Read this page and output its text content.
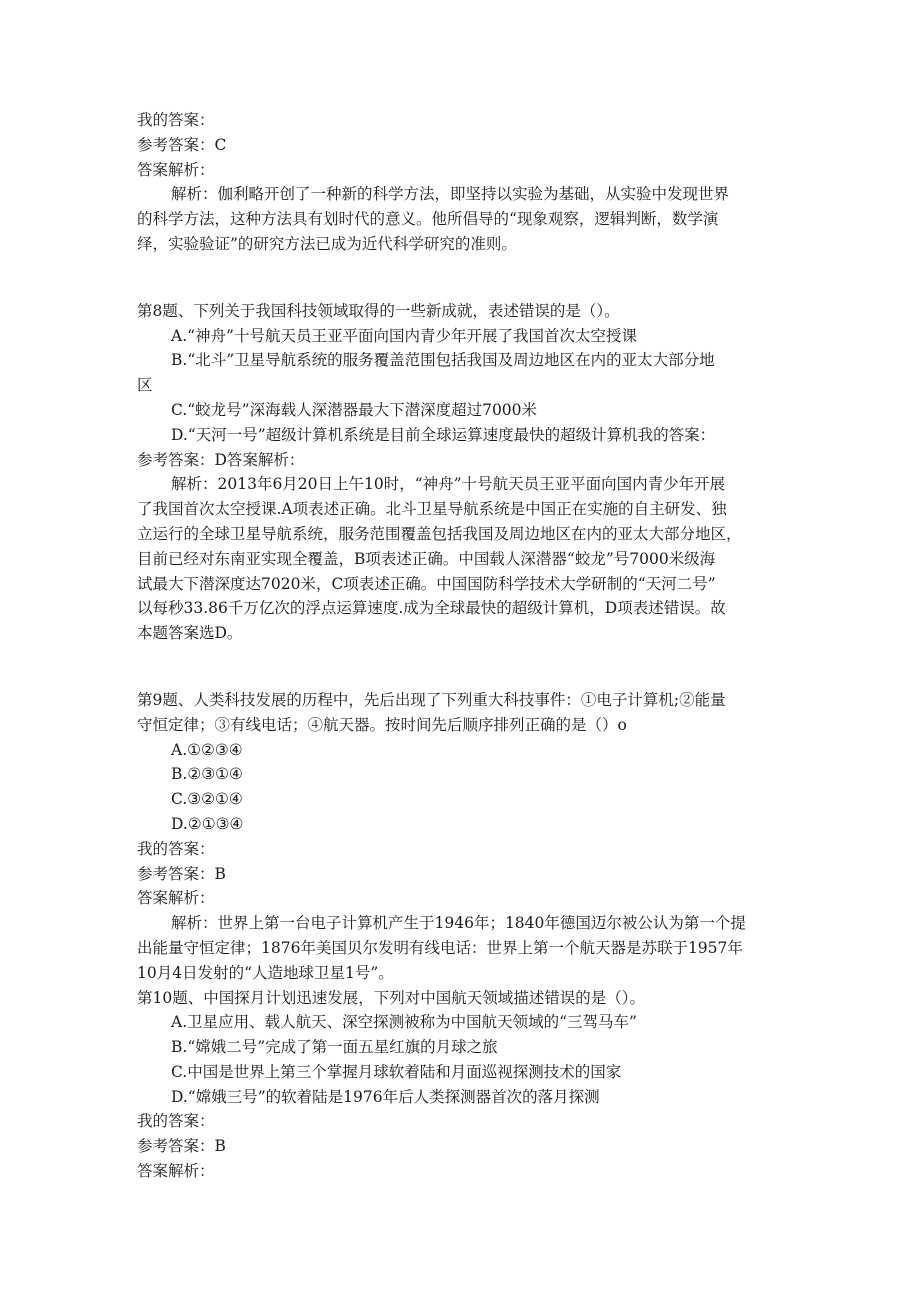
我的答案：
参考答案：C
答案解析：
解析：伽利略开创了一种新的科学方法，即坚持以实验为基础，从实验中发现世界
的科学方法，这种方法具有划时代的意义。他所倡导的“现象观察，逻辑判断，数学演
绎，实验验证”的研究方法已成为近代科学研究的准则。
第8题、下列关于我国科技领域取得的一些新成就，表述错误的是（）。
A.“神舟”十号航天员王亚平面向国内青少年开展了我国首次太空授课
B.“北斗”卫星导航系统的服务覆盖范围包括我国及周边地区在内的亚太大部分地
区
C.“蛟龙号”深海载人深潜器最大下潜深度超过7000米
D.“天河一号”超级计算机系统是目前全球运算速度最快的超级计算机我的答案：
参考答案：D答案解析：
解析：2013年6月20日上午10时，“神舟”十号航天员王亚平面向国内青少年开展
了我国首次太空授课.A项表述正确。北斗卫星导航系统是中国正在实施的自主研发、独
立运行的全球卫星导航系统，服务范围覆盖包括我国及周边地区在内的亚太大部分地区，
目前已经对东南亚实现全覆盖，B项表述正确。中国载人深潜器“蛟龙”号7000米级海
试最大下潜深度达7020米，C项表述正确。中国国防科学技术大学研制的“天河二号”
以每秒33.86千万亿次的浮点运算速度.成为全球最快的超级计算机，D项表述错误。故
本题答案选D。
第9题、人类科技发展的历程中，先后出现了下列重大科技事件：①电子计算机;②能量
守恒定律；③有线电话；④航天器。按时间先后顺序排列正确的是（）o
A.①②③④
B.②③①④
C.③②①④
D.②①③④
我的答案：
参考答案：B
答案解析：
解析：世界上第一台电子计算机产生于1946年；1840年德国迈尔被公认为第一个提
出能量守恒定律；1876年美国贝尔发明有线电话：世界上第一个航天器是苏联于1957年
10月4日发射的“人造地球卫星1号”。
第10题、中国探月计划迅速发展，下列对中国航天领域描述错误的是（）。
A.卫星应用、载人航天、深空探测被称为中国航天领域的“三驾马车”
B.“嫦娥二号”完成了第一面五星红旗的月球之旅
C.中国是世界上第三个掌握月球软着陆和月面巡视探测技术的国家
D.“嫦娥三号”的软着陆是1976年后人类探测器首次的落月探测
我的答案：
参考答案：B
答案解析：
